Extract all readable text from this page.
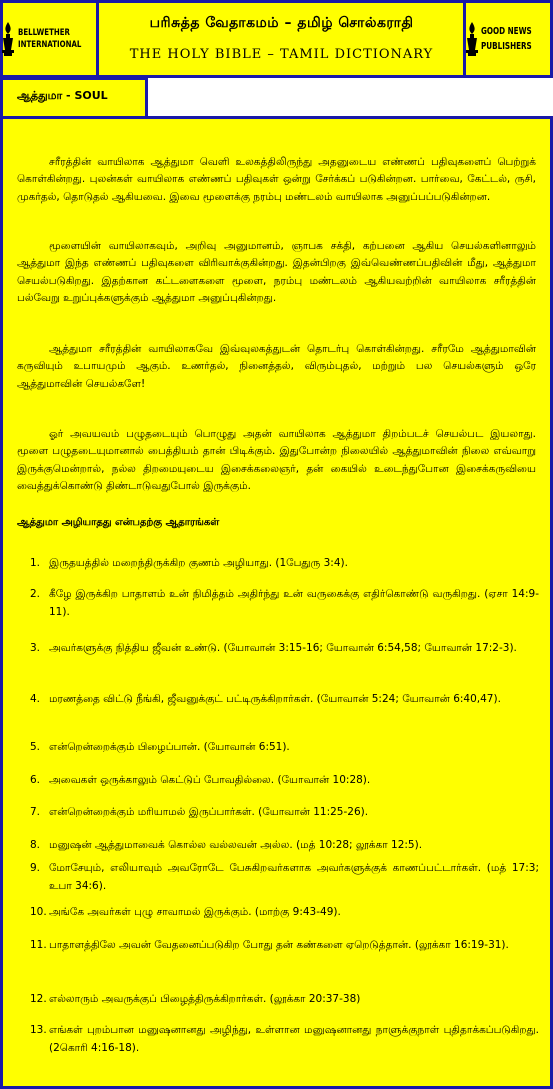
BELLWETHER
INTERNATIONAL
பரிசுத்த வேதாகமம் – தமிழ் சொல்கராதி
THE HOLY BIBLE – TAMIL DICTIONARY
GOOD NEWS
PUBLISHERS
ஆத்துமா - SOUL
சரீரத்தின் வாயிலாக ஆத்துமா வெளி உலகத்திலிருந்து அதனுடைய எண்ணப் பதிவுகளைப் பெற்றுக் கொள்கின்றது. புலன்கள் வாயிலாக எண்ணப் பதிவுகள் ஒன்று சேர்க்கப் படுகின்றன. பார்வை, கேட்டல், ருசி, முகர்தல், தொடுதல் ஆகியவை. இவை மூளைக்கு நரம்பு மண்டலம் வாயிலாக அனுப்பப்படுகின்றன.
மூளையின் வாயிலாகவும், அறிவு அனுமானம், ஞாபக சக்தி, கற்பனை ஆகிய செயல்களினாலும் ஆத்துமா இந்த எண்ணப் பதிவுகளை விரிவாக்குகின்றது. இதன்பிறகு இவ்வெண்ணப்பதிவின் மீது, ஆத்துமா செயல்படுகிறது. இதற்கான கட்டளைகளை மூளை, நரம்பு மண்டலம் ஆகியவற்றின் வாயிலாக சரீரத்தின் பல்வேறு உறுப்புக்களுக்கும் ஆத்துமா அனுப்புகின்றது.
ஆத்துமா சரீரத்தின் வாயிலாகவே இவ்வுலகத்துடன் தொடர்பு கொள்கின்றது. சரீரமே ஆத்துமாவின் கருவியும் உபாயமும் ஆகும். உணர்தல், நினைத்தல், விரும்புதல், மற்றும் பல செயல்களும் ஒரே ஆத்துமாவின் செயல்களே!
ஓர் அவயவம் பழுதடையும் பொழுது அதன் வாயிலாக ஆத்துமா திறம்படச் செயல்பட இயலாது. மூளை பழுதடையுமானால் பைத்தியம் தான் பிடிக்கும். இதுபோன்ற நிலையில் ஆத்துமாவின் நிலை எவ்வாறு இருக்குமென்றால், நல்ல திறமையுடைய இசைக்கலைஞர், தன் கையில் உடைந்துபோன இசைக்கருவியை வைத்துக்கொண்டு திண்டாடுவதுபோல் இருக்கும்.
ஆத்துமா அழியாதது என்பதற்கு ஆதாரங்கள்
1. இருதயத்தில் மறைந்திருக்கிற குணம் அழியாது. (1பேதுரு 3:4).
2. கீழே இருக்கிற பாதாளம் உன் நிமித்தம் அதிர்ந்து உன் வருகைக்கு எதிர்கொண்டு வருகிறது. (ஏசா 14:9-11).
3. அவர்களுக்கு நித்திய ஜீவன் உண்டு. (யோவான் 3:15-16; யோவான் 6:54,58; யோவான் 17:2-3).
4. மரணத்தை விட்டு நீங்கி, ஜீவனுக்குட் பட்டிருக்கிறார்கள். (யோவான் 5:24; யோவான் 6:40,47).
5. என்றென்றைக்கும் பிழைப்பான். (யோவான் 6:51).
6. அவைகள் ஒருக்காலும் கெட்டுப் போவதில்லை. (யோவான் 10:28).
7. என்றென்றைக்கும் மரியாமல் இருப்பார்கள். (யோவான் 11:25-26).
8. மனுஷன் ஆத்துமாவைக் கொல்ல வல்லவன் அல்ல. (மத் 10:28; லூக்கா 12:5).
9. மோசேயும், எலியாவும் அவரோடே பேசுகிறவர்களாக அவர்களுக்குக் காணப்பட்டார்கள். (மத் 17:3; உபா 34:6).
10. அங்கே அவர்கள் புழு சாவாமல் இருக்கும். (மாற்கு 9:43-49).
11. பாதாளத்திலே அவன் வேதனைப்படுகிற போது தன் கண்களை ஏறெடுத்தான். (லூக்கா 16:19-31).
12. எல்லாரும் அவருக்குப் பிழைத்திருக்கிறார்கள். (லூக்கா 20:37-38)
13. எங்கள் புறம்பான மனுஷனானது அழிந்து, உள்ளான மனுஷனானது நாளுக்குநாள் புதிதாக்கப்படுகிறது. (2கொரி 4:16-18).
